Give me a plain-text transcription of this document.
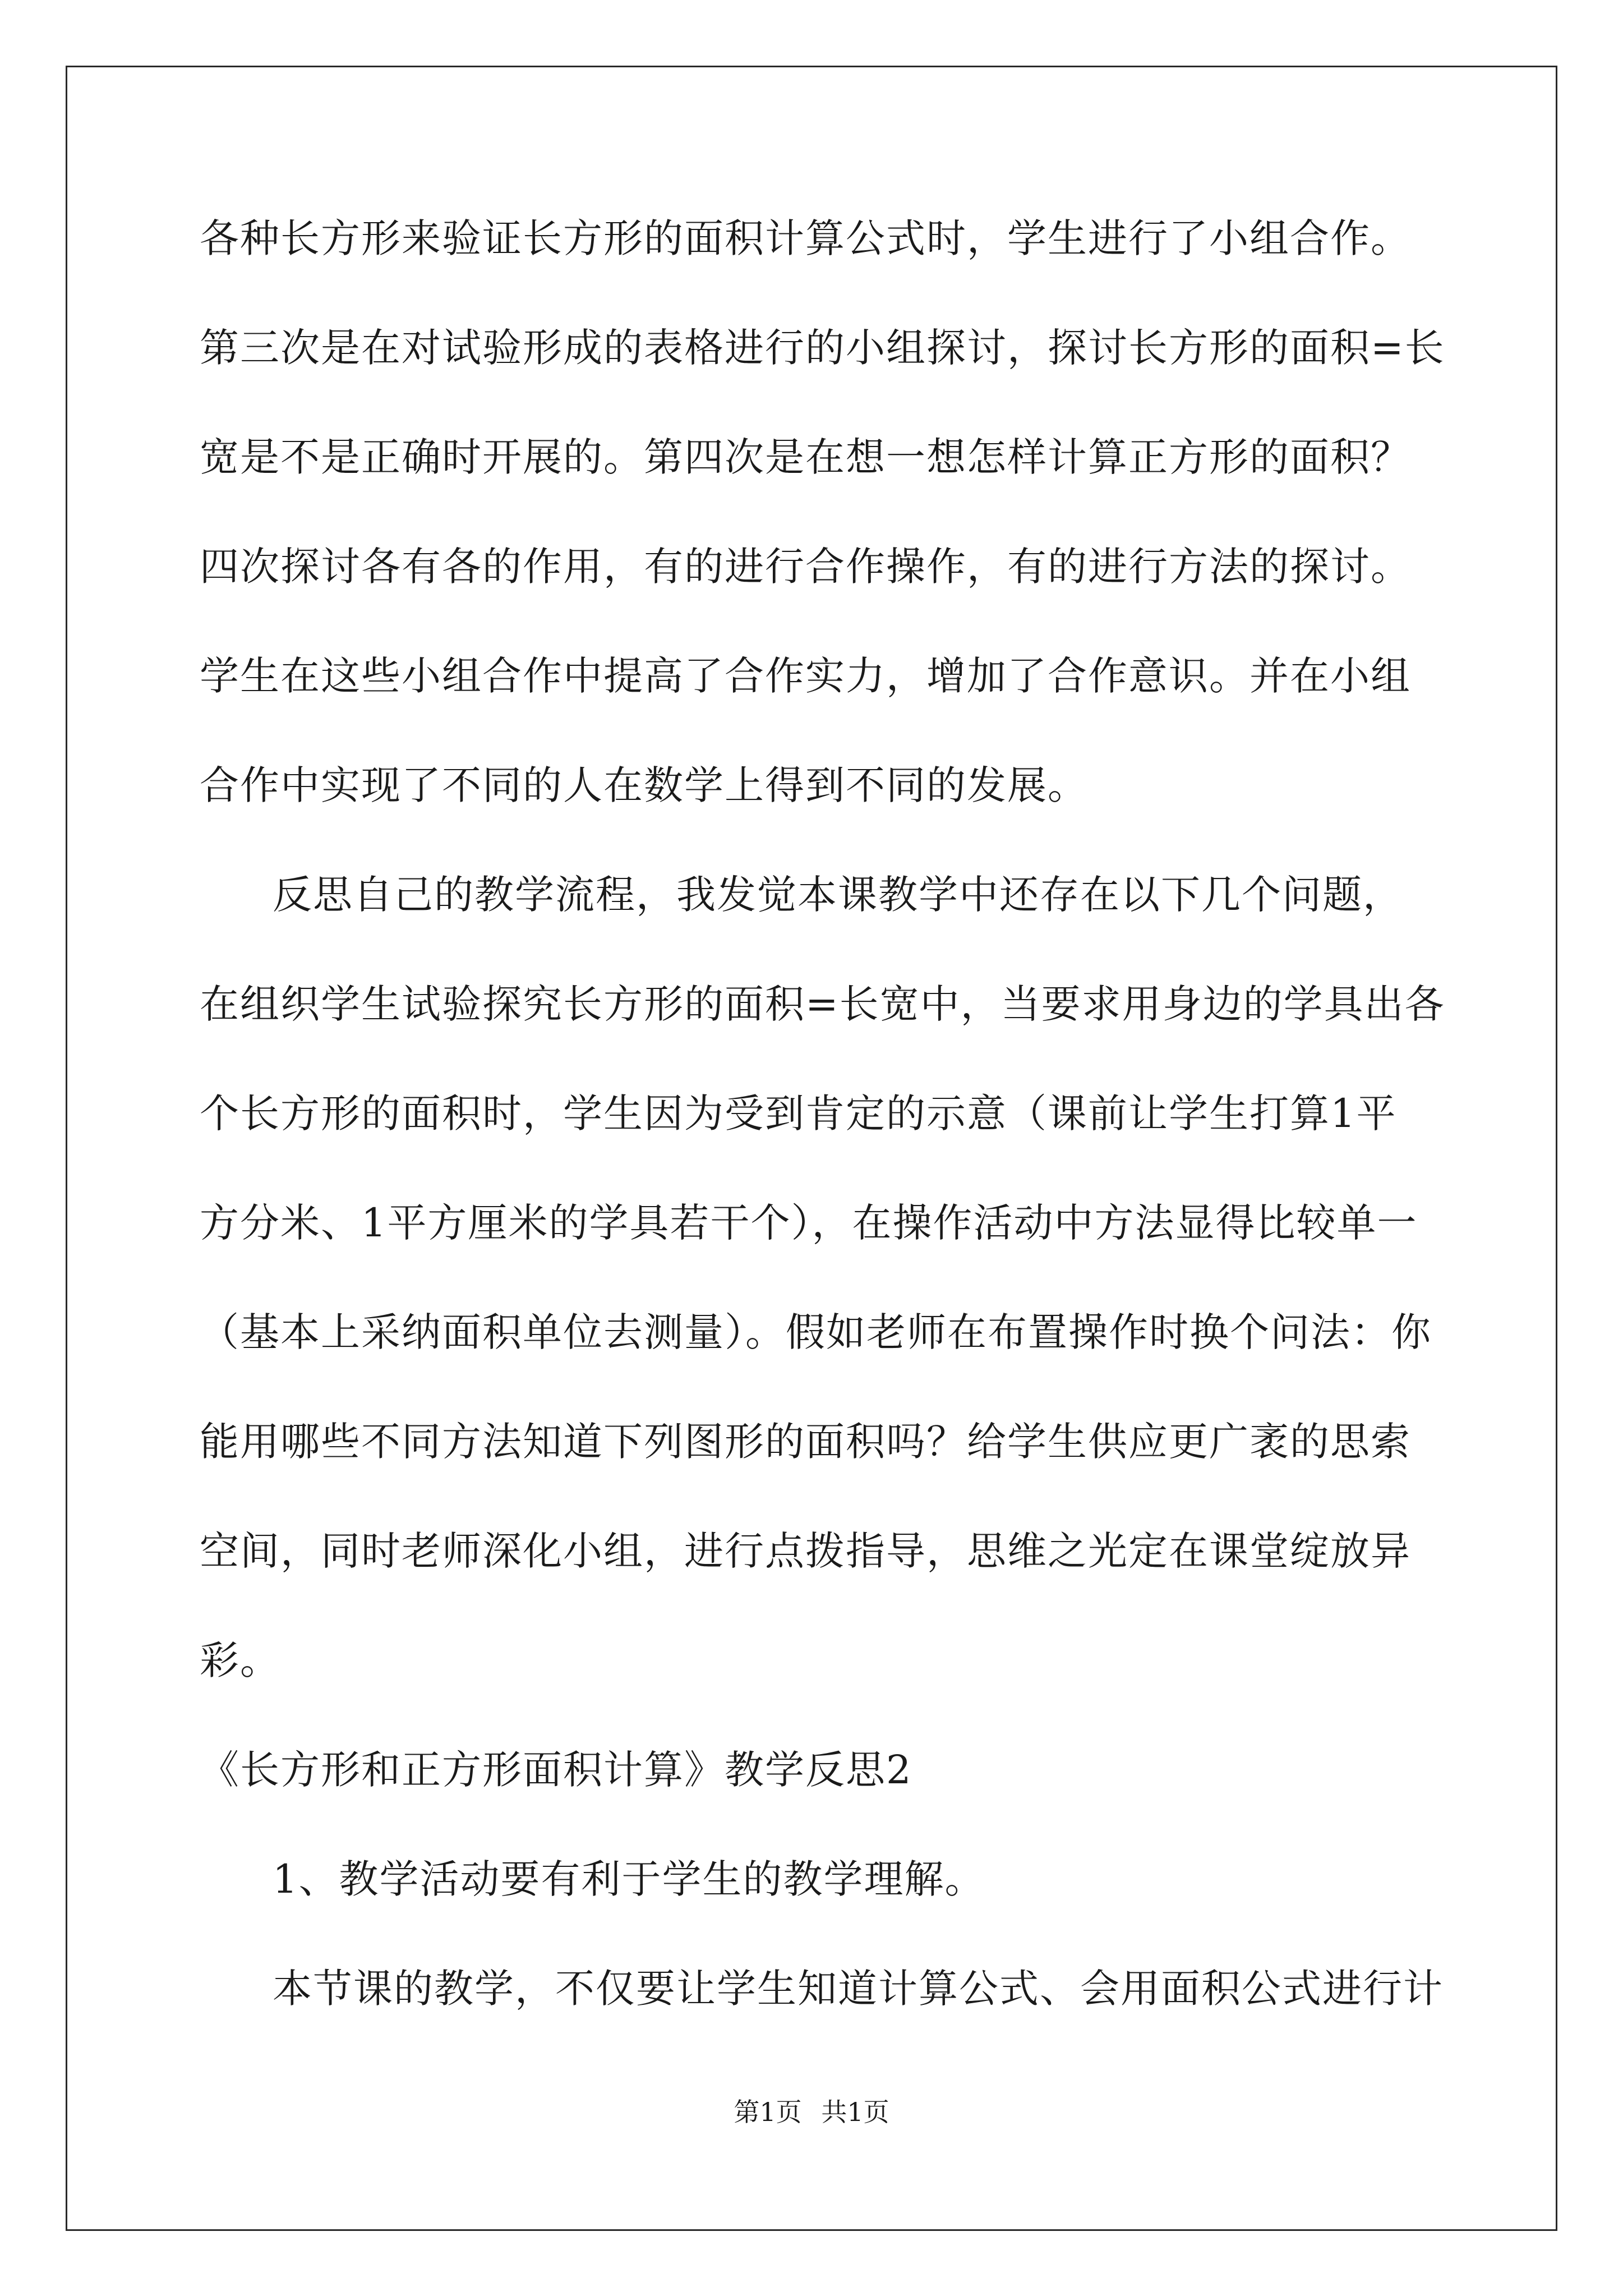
各种长方形来验证长方形的面积计算公式时，学生进行了小组合作。
第三次是在对试验形成的表格进行的小组探讨，探讨长方形的面积=长
宽是不是正确时开展的。第四次是在想一想怎样计算正方形的面积？
四次探讨各有各的作用，有的进行合作操作，有的进行方法的探讨。
学生在这些小组合作中提高了合作实力，增加了合作意识。并在小组
合作中实现了不同的人在数学上得到不同的发展。
反思自己的教学流程，我发觉本课教学中还存在以下几个问题，
在组织学生试验探究长方形的面积=长宽中，当要求用身边的学具出各
个长方形的面积时，学生因为受到肯定的示意（课前让学生打算1平
方分米、1平方厘米的学具若干个），在操作活动中方法显得比较单一
（基本上采纳面积单位去测量）。假如老师在布置操作时换个问法：你
能用哪些不同方法知道下列图形的面积吗？给学生供应更广袤的思索
空间，同时老师深化小组，进行点拨指导，思维之光定在课堂绽放异
彩。
《长方形和正方形面积计算》教学反思2
1、教学活动要有利于学生的教学理解。
本节课的教学，不仅要让学生知道计算公式、会用面积公式进行计
第1页 共1页
